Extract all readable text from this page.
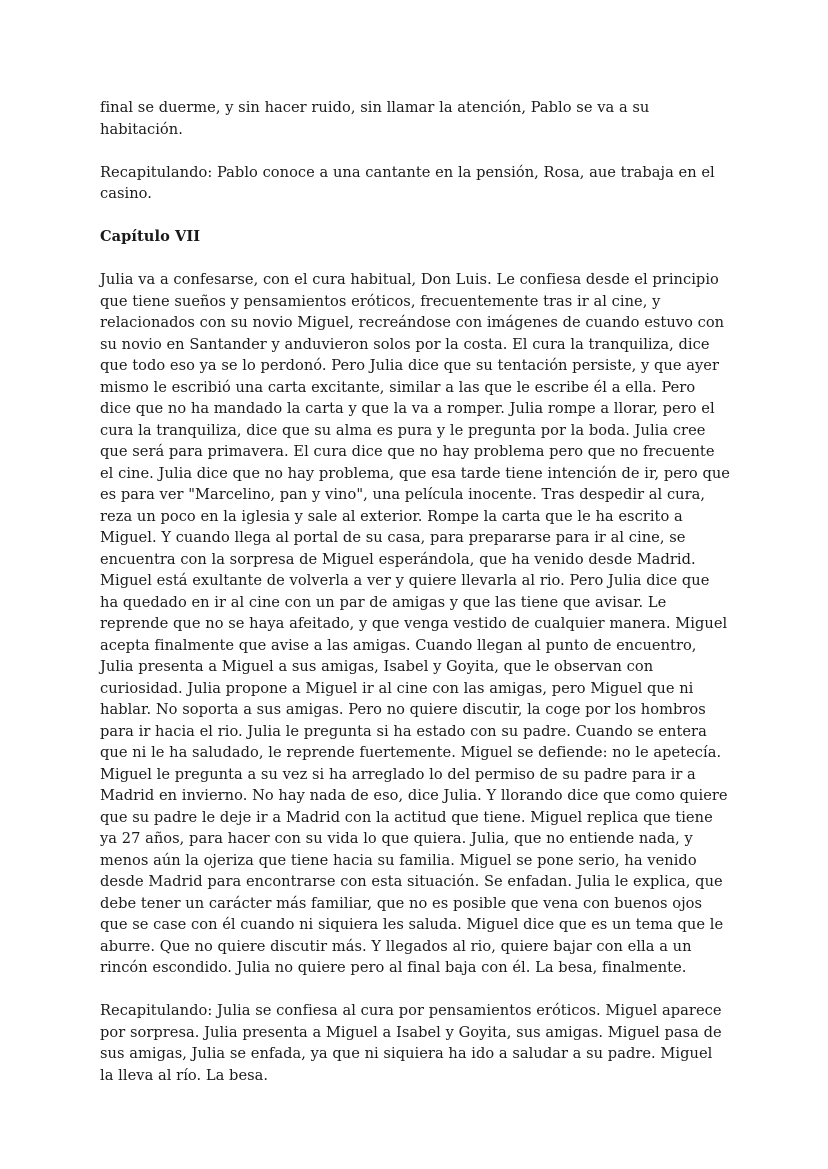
final se duerme, y sin hacer ruido, sin llamar la atención, Pablo se va a su habitación.

Recapitulando: Pablo conoce a una cantante en la pensión, Rosa, aue trabaja en el casino.

Capítulo VII

Julia va a confesarse, con el cura habitual, Don Luis. Le confiesa desde el principio que tiene sueños y pensamientos eróticos, frecuentemente tras ir al cine, y relacionados con su novio Miguel, recreándose con imágenes de cuando estuvo con su novio en Santander y anduvieron solos por la costa. El cura la tranquiliza, dice que todo eso ya se lo perdonó. Pero Julia dice que su tentación persiste, y que ayer mismo le escribió una carta excitante, similar a las que le escribe él a ella. Pero dice que no ha mandado la carta y que la va a romper. Julia rompe a llorar, pero el cura la tranquiliza, dice que su alma es pura y le pregunta por la boda. Julia cree que será para primavera. El cura dice que no hay problema pero que no frecuente el cine. Julia dice que no hay problema, que esa tarde tiene intención de ir, pero que es para ver "Marcelino, pan y vino", una película inocente. Tras despedir al cura, reza un poco en la iglesia y sale al exterior. Rompe la carta que le ha escrito a Miguel. Y cuando llega al portal de su casa, para prepararse para ir al cine, se encuentra con la sorpresa de Miguel esperándola, que ha venido desde Madrid. Miguel está exultante de volverla a ver y quiere llevarla al rio. Pero Julia dice que ha quedado en ir al cine con un par de amigas y que las tiene que avisar. Le reprende que no se haya afeitado, y que venga vestido de cualquier manera. Miguel acepta finalmente que avise a las amigas. Cuando llegan al punto de encuentro, Julia presenta a Miguel a sus amigas, Isabel y Goyita, que le observan con curiosidad. Julia propone a Miguel ir al cine con las amigas, pero Miguel que ni hablar. No soporta a sus amigas. Pero no quiere discutir, la coge por los hombros para ir hacia el rio. Julia le pregunta si ha estado con su padre. Cuando se entera que ni le ha saludado, le reprende fuertemente. Miguel se defiende: no le apetecía. Miguel le pregunta a su vez si ha arreglado lo del permiso de su padre para ir a Madrid en invierno. No hay nada de eso, dice Julia. Y llorando dice que como quiere que su padre le deje ir a Madrid con la actitud que tiene. Miguel replica que tiene ya 27 años, para hacer con su vida lo que quiera. Julia, que no entiende nada, y menos aún la ojeriza que tiene hacia su familia. Miguel se pone serio, ha venido desde Madrid para encontrarse con esta situación. Se enfadan. Julia le explica, que debe tener un carácter más familiar, que no es posible que vena con buenos ojos que se case con él cuando ni siquiera les saluda. Miguel dice que es un tema que le aburre. Que no quiere discutir más. Y llegados al rio, quiere bajar con ella a un rincón escondido. Julia no quiere pero al final baja con él. La besa, finalmente.

Recapitulando: Julia se confiesa al cura por pensamientos eróticos. Miguel aparece por sorpresa. Julia presenta a Miguel a Isabel y Goyita, sus amigas. Miguel pasa de sus amigas, Julia se enfada, ya que ni siquiera ha ido a saludar a su padre. Miguel la lleva al río. La besa.
